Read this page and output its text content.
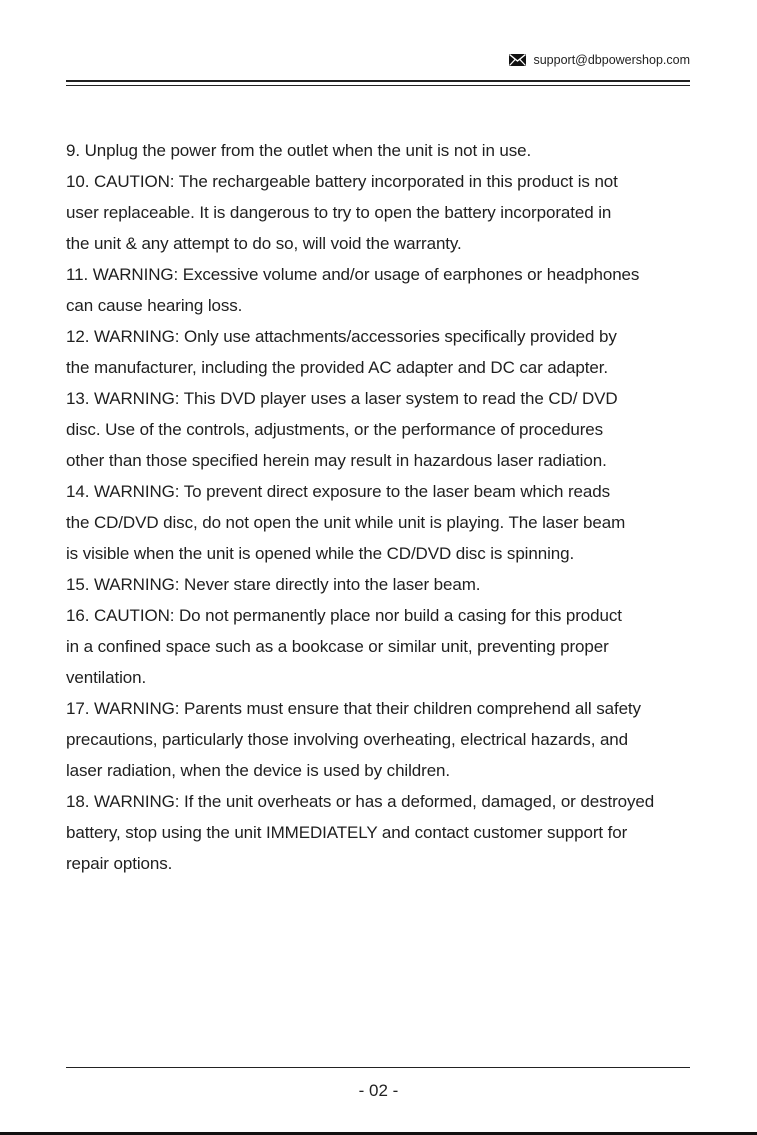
support@dbpowershop.com
9. Unplug the power from the outlet when the unit is not in use.
10. CAUTION: The rechargeable battery incorporated in this product is not
user replaceable. It is dangerous to try to open the battery incorporated in
the unit & any attempt to do so, will void the warranty.
11. WARNING: Excessive volume and/or usage of earphones or headphones
can cause hearing loss.
12. WARNING: Only use attachments/accessories specifically provided by
the manufacturer, including the provided AC adapter and DC car adapter.
13. WARNING: This DVD player uses a laser system to read the CD/ DVD
disc. Use of the controls, adjustments, or the performance of procedures
other than those specified herein may result in hazardous laser radiation.
14. WARNING: To prevent direct exposure to the laser beam which reads
the CD/DVD disc, do not open the unit while unit is playing. The laser beam
is visible when the unit is opened while the CD/DVD disc is spinning.
15. WARNING: Never stare directly into the laser beam.
16. CAUTION: Do not permanently place nor build a casing for this product
in a confined space such as a bookcase or similar unit, preventing proper
ventilation.
17. WARNING: Parents must ensure that their children comprehend all safety
precautions, particularly those involving overheating, electrical hazards, and
laser radiation, when the device is used by children.
18. WARNING: If the unit overheats or has a deformed, damaged, or destroyed
battery, stop using the unit IMMEDIATELY and contact customer support for
repair options.
- 02 -
